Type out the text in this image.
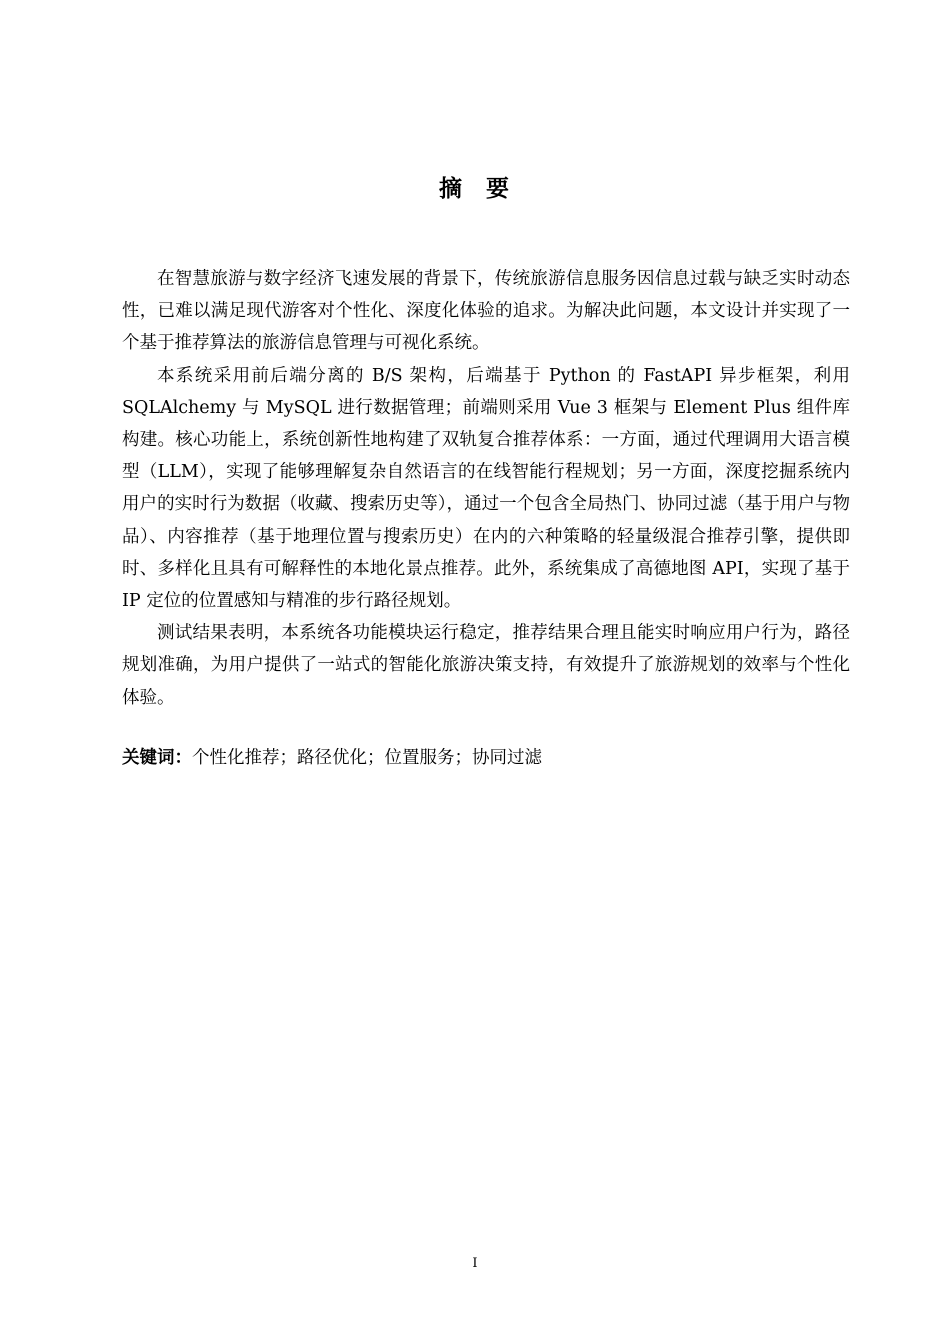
摘 要

在智慧旅游与数字经济飞速发展的背景下，传统旅游信息服务因信息过载与缺乏实时动态性，已难以满足现代游客对个性化、深度化体验的追求。为解决此问题，本文设计并实现了一个基于推荐算法的旅游信息管理与可视化系统。

本系统采用前后端分离的 B/S 架构，后端基于 Python 的 FastAPI 异步框架，利用 SQLAlchemy 与 MySQL 进行数据管理；前端则采用 Vue 3 框架与 Element Plus 组件库构建。核心功能上，系统创新性地构建了双轨复合推荐体系：一方面，通过代理调用大语言模型（LLM），实现了能够理解复杂自然语言的在线智能行程规划；另一方面，深度挖掘系统内用户的实时行为数据（收藏、搜索历史等），通过一个包含全局热门、协同过滤（基于用户与物品）、内容推荐（基于地理位置与搜索历史）在内的六种策略的轻量级混合推荐引擎，提供即时、多样化且具有可解释性的本地化景点推荐。此外，系统集成了高德地图 API，实现了基于 IP 定位的位置感知与精准的步行路径规划。

测试结果表明，本系统各功能模块运行稳定，推荐结果合理且能实时响应用户行为，路径规划准确，为用户提供了一站式的智能化旅游决策支持，有效提升了旅游规划的效率与个性化体验。

关键词：个性化推荐；路径优化；位置服务；协同过滤
I
